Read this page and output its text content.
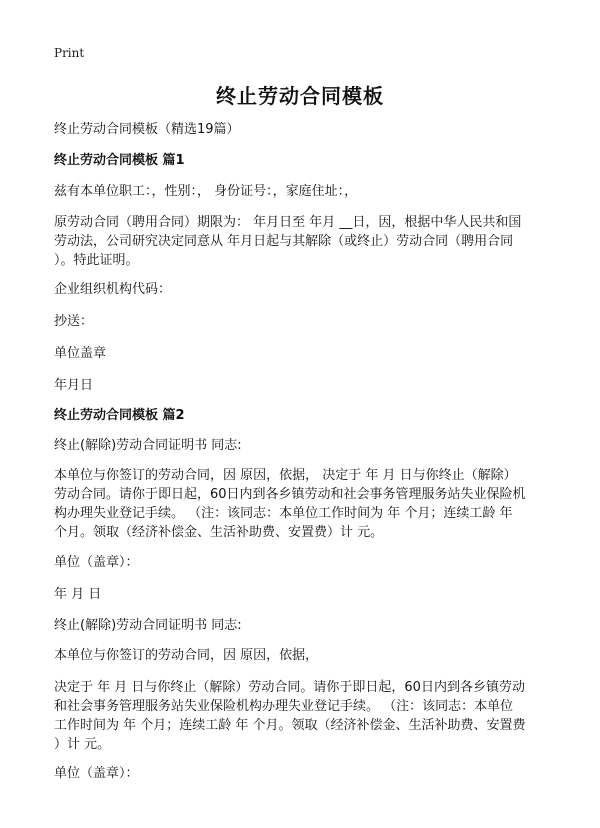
Print
终止劳动合同模板
终止劳动合同模板（精选19篇）
终止劳动合同模板 篇1
兹有本单位职工：，性别：， 身份证号：，家庭住址：，
原劳动合同（聘用合同）期限为： 年月日至 年月 __日，因，根据中华人民共和国
劳动法，公司研究决定同意从 年月日起与其解除（或终止）劳动合同（聘用合同
）。特此证明。
企业组织机构代码：
抄送：
单位盖章
年月日
终止劳动合同模板 篇2
终止(解除)劳动合同证明书 同志:
本单位与你签订的劳动合同，因 原因，依据， 决定于 年 月 日与你终止（解除）
劳动合同。请你于即日起，60日内到各乡镇劳动和社会事务管理服务站失业保险机
构办理失业登记手续。 （注：该同志：本单位工作时间为 年 个月；连续工龄 年
个月。领取（经济补偿金、生活补助费、安置费）计 元。
单位（盖章）：
年 月 日
终止(解除)劳动合同证明书 同志:
本单位与你签订的劳动合同，因 原因，依据，
决定于 年 月 日与你终止（解除）劳动合同。请你于即日起，60日内到各乡镇劳动
和社会事务管理服务站失业保险机构办理失业登记手续。 （注：该同志：本单位
工作时间为 年 个月；连续工龄 年 个月。领取（经济补偿金、生活补助费、安置费
）计 元。
单位（盖章）：
